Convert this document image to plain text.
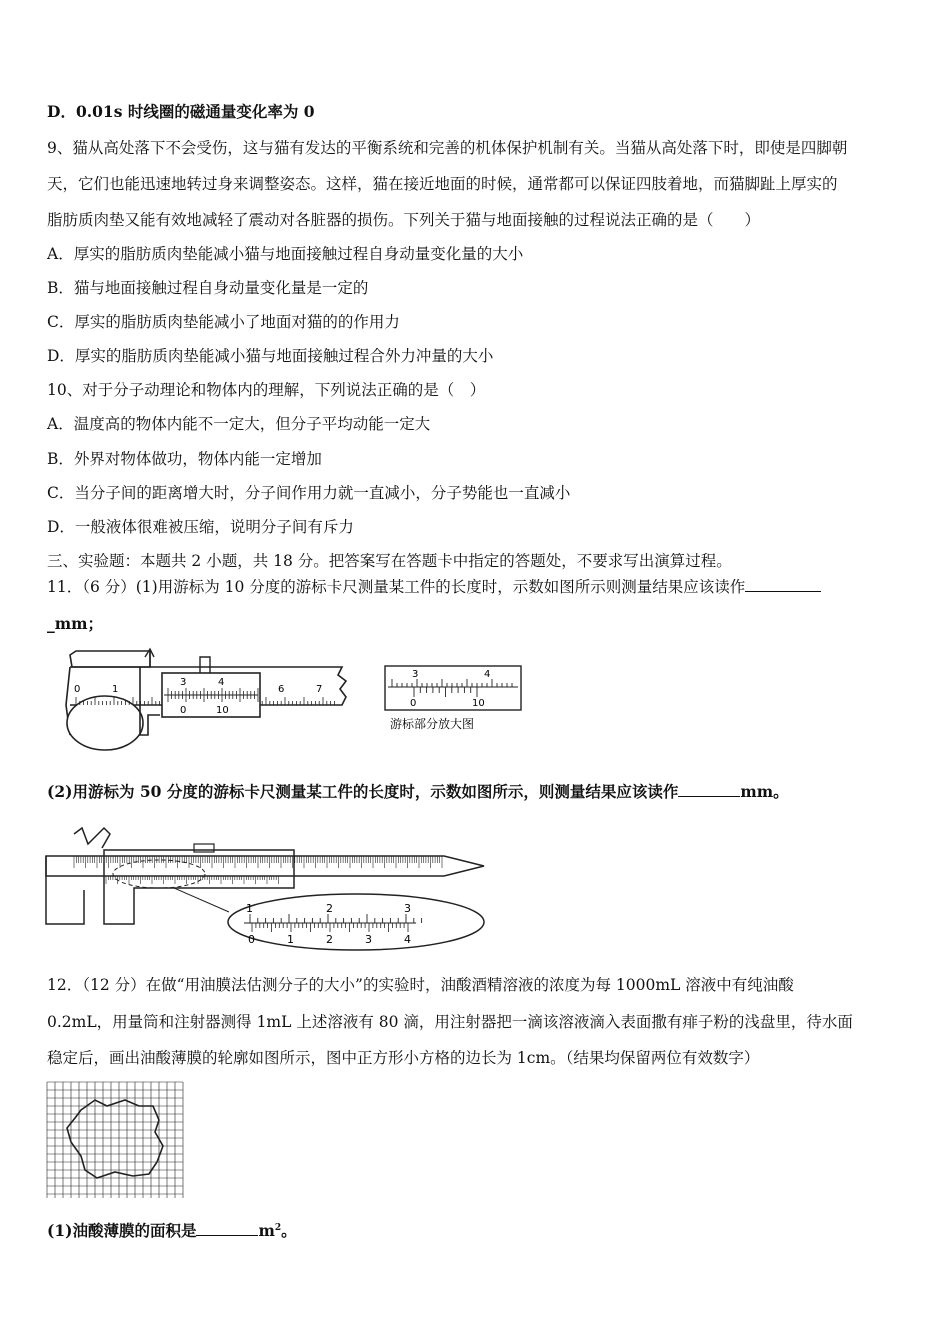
D．0.01s 时线圈的磁通量变化率为 0
9、猫从高处落下不会受伤，这与猫有发达的平衡系统和完善的机体保护机制有关。当猫从高处落下时，即使是四脚朝
天，它们也能迅速地转过身来调整姿态。这样，猫在接近地面的时候，通常都可以保证四肢着地，而猫脚趾上厚实的
脂肪质肉垫又能有效地减轻了震动对各脏器的损伤。下列关于猫与地面接触的过程说法正确的是（　　）
A．厚实的脂肪质肉垫能减小猫与地面接触过程自身动量变化量的大小
B．猫与地面接触过程自身动量变化量是一定的
C．厚实的脂肪质肉垫能减小了地面对猫的的作用力
D．厚实的脂肪质肉垫能减小猫与地面接触过程合外力冲量的大小
10、对于分子动理论和物体内的理解，下列说法正确的是（　）
A．温度高的物体内能不一定大，但分子平均动能一定大
B．外界对物体做功，物体内能一定增加
C．当分子间的距离增大时，分子间作用力就一直减小，分子势能也一直减小
D．一般液体很难被压缩，说明分子间有斥力
三、实验题：本题共 2 小题，共 18 分。把答案写在答题卡中指定的答题处，不要求写出演算过程。
11．（6 分）(1)用游标为 10 分度的游标卡尺测量某工件的长度时，示数如图所示则测量结果应该读作
_mm；
0	1	6	7
3	4
0	10
3	4
0	10
游标部分放大图
(2)用游标为 50 分度的游标卡尺测量某工件的长度时，示数如图所示，则测量结果应该读作	mm。
1	2	3
0	1	2	3	4
12．（12 分）在做“用油膜法估测分子的大小”的实验时，油酸酒精溶液的浓度为每 1000mL 溶液中有纯油酸
0.2mL，用量筒和注射器测得 1mL 上述溶液有 80 滴，用注射器把一滴该溶液滴入表面撒有痱子粉的浅盘里，待水面
稳定后，画出油酸薄膜的轮廓如图所示，图中正方形小方格的边长为 1cm。（结果均保留两位有效数字）
(1)油酸薄膜的面积是	$m^2$。
